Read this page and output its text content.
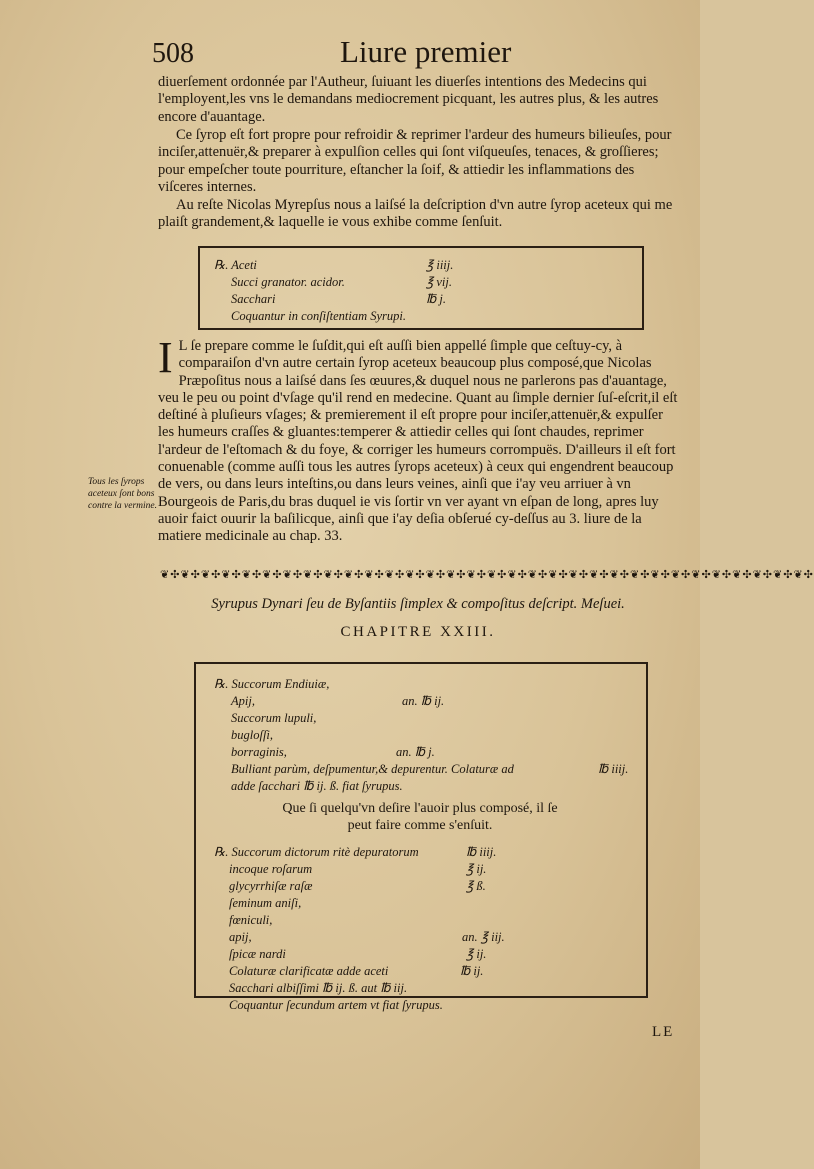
508	Liure premier

diuerſement ordonnée par l'Autheur, ſuiuant les diuerſes intentions des Medecins qui l'employent,les vns le demandans mediocrement picquant, les autres plus, & les autres encore d'auantage.

Ce ſyrop eſt fort propre pour refroidir & reprimer l'ardeur des humeurs bilieuſes, pour inciſer,attenuër,& preparer à expulſion celles qui ſont viſqueuſes, tenaces, & groſſieres; pour empeſcher toute pourriture, eſtancher la ſoif, & attiedir les inflammations des viſceres internes.

Au reſte Nicolas Myrepſus nous a laiſsé la deſcription d'vn autre ſyrop aceteux qui me plaiſt grandement,& laquelle ie vous exhibe comme ſenſuit.

℞. Aceti	℥ iiij.
Succi granator. acidor.	℥ vij.
Sacchari	℔ j.
Coquantur in conſiſtentiam Syrupi.

I L ſe prepare comme le ſuſdit,qui eſt auſſi bien appellé ſimple que ceſtuy-cy, à comparaiſon d'vn autre certain ſyrop aceteux beaucoup plus composé,que Nicolas Præpoſitus nous a laiſsé dans ſes œuures,& duquel nous ne parlerons pas d'auantage, veu le peu ou point d'vſage qu'il rend en medecine. Quant au ſimple dernier ſuſ-eſcrit,il eſt deſtiné à pluſieurs vſages; & premierement il eſt propre pour inciſer,attenuër,& expulſer les humeurs craſſes & gluantes:temperer & attiedir celles qui ſont chaudes, reprimer l'ardeur de l'eſtomach & du foye, & corriger les humeurs corrompuës. D'ailleurs il eſt fort conuenable (comme auſſi tous les autres ſyrops aceteux) à ceux qui engendrent beaucoup de vers, ou dans leurs inteſtins,ou dans leurs veines, ainſi que i'ay veu arriuer à vn Bourgeois de Paris,du bras duquel ie vis ſortir vn ver ayant vn eſpan de long, apres luy auoir faict ouurir la baſilicque, ainſi que i'ay deſia obſerué cy-deſſus au 3. liure de la matiere medicinale au chap. 33.

Tous les ſyrops aceteux ſont bons contre la vermine.

❦✣❦✣❦✣❦✣❦✣❦✣❦✣❦✣❦✣❦✣❦✣❦✣❦✣❦✣❦✣❦✣❦✣❦✣❦✣❦✣❦✣❦✣❦✣❦✣❦✣❦✣❦✣❦✣❦✣❦✣❦✣❦✣

Syrupus Dynari ſeu de Byſantiis ſimplex & compoſitus deſcript. Meſuei.

CHAPITRE XXIII.

℞. Succorum Endiuiæ,
Apij,	an. ℔ ij.
Succorum lupuli,
bugloſſi,
borraginis,	an. ℔ j.
Bulliant parùm, deſpumentur,& depurentur. Colaturæ ad	℔ iiij.
adde ſacchari ℔ ij. ß. fiat ſyrupus.

Que ſi quelqu'vn deſire l'auoir plus composé, il ſe peut faire comme s'enſuit.

℞. Succorum dictorum ritè depuratorum	℔ iiij.
incoque roſarum	℥ ij.
glycyrrhiſæ raſæ	℥ ß.
ſeminum aniſi,
fœniculi,
apij,	an. ℥ iij.
ſpicæ nardi	℥ ij.
Colaturæ clarificatæ adde aceti	℔ ij.
Sacchari albiſſimi ℔ ij. ß. aut ℔ iij.
Coquantur ſecundum artem vt fiat ſyrupus.
LE
